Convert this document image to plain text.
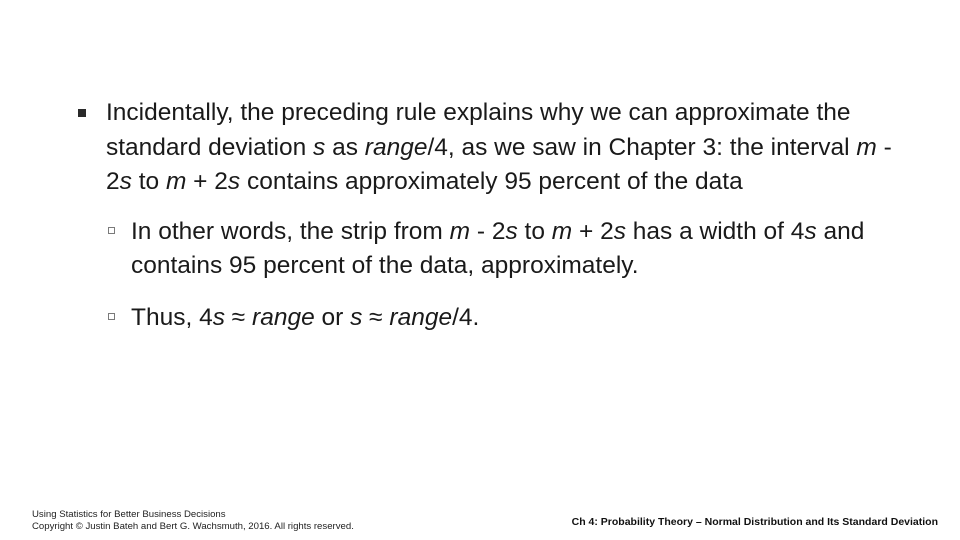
Incidentally, the preceding rule explains why we can approximate the standard deviation s as range/4, as we saw in Chapter 3: the interval m - 2s to m + 2s contains approximately 95 percent of the data
In other words, the strip from m - 2s to m + 2s has a width of 4s and contains 95 percent of the data, approximately.
Thus, 4s ≈ range or s ≈ range/4.
Using Statistics for Better Business Decisions
Copyright © Justin Bateh and Bert G. Wachsmuth, 2016. All rights reserved.	Ch 4: Probability Theory – Normal Distribution and Its Standard Deviation
